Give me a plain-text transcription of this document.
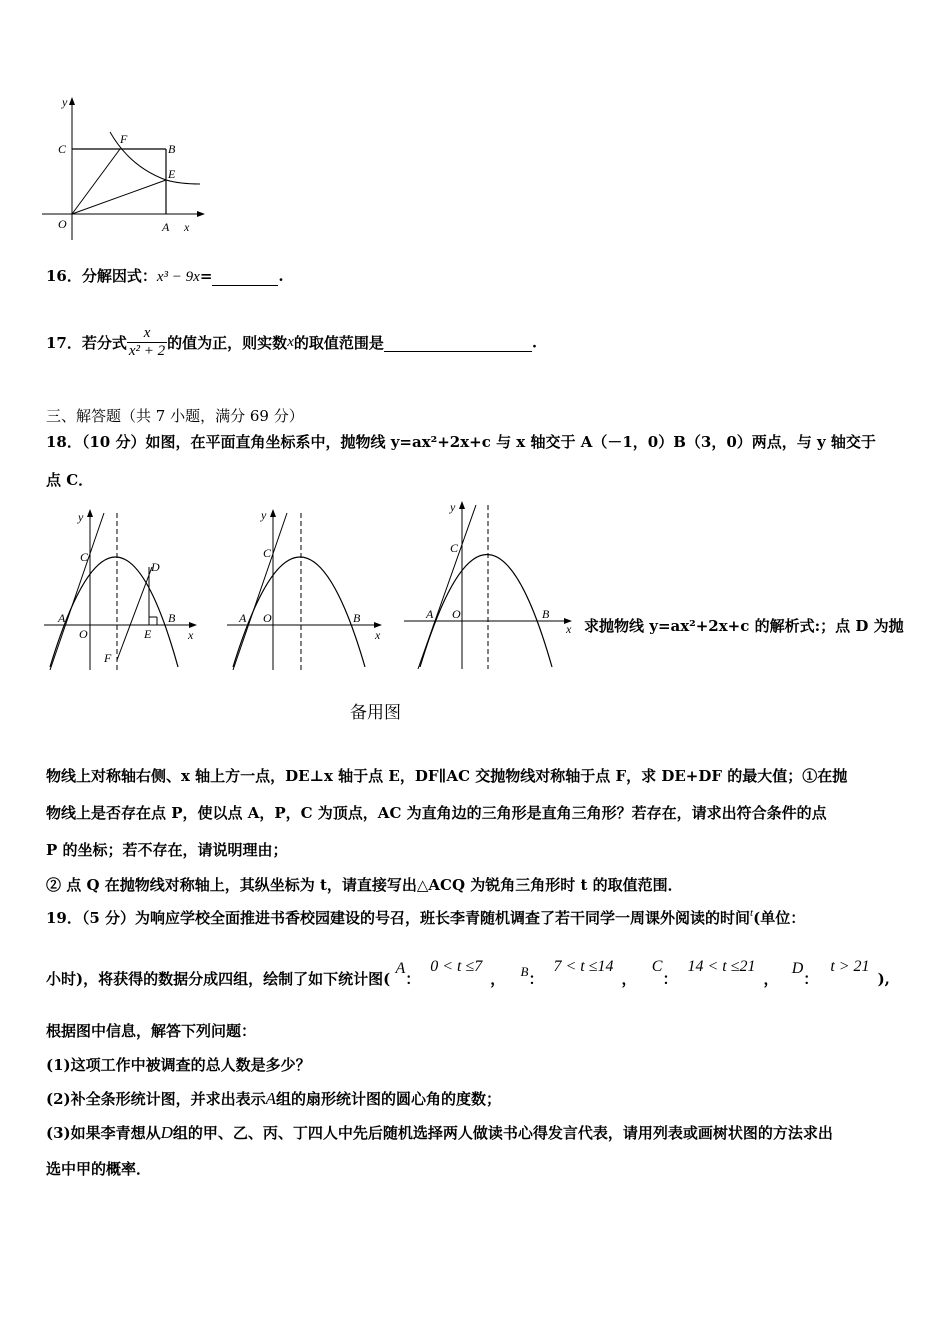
y
C
F
B
E
O	A x
16．分解因式：x³ − 9x=	.
17．若分式 $\frac{x}{\text{x² + 2}}$ 的值为正，则实数x的取值范围是	.
三、解答题（共 7 小题，满分 69 分）
18．（10 分）如图，在平面直角坐标系中，抛物线 y=ax²+2x+c 与 x 轴交于 A（－1，0）B（3，0）两点，与 y 轴交于
点 C．
y
C
D
A	B
O	E	x
F
y
C
A O	B
x
y
C
A O	B
x 求抛物线 y=ax²+2x+c 的解析式:；点 D 为抛
备用图
物线上对称轴右侧、x 轴上方一点，DE⊥x 轴于点 E，DF∥AC 交抛物线对称轴于点 F，求 DE+DF 的最大值；①在抛
物线上是否存在点 P，使以点 A，P，C 为顶点，AC 为直角边的三角形是直角三角形？若存在，请求出符合条件的点
P 的坐标；若不存在，请说明理由；
② 点 Q 在抛物线对称轴上，其纵坐标为 t，请直接写出△ACQ 为锐角三角形时 t 的取值范围．
19．（5 分）为响应学校全面推进书香校园建设的号召，班长李青随机调查了若干同学一周课外阅读的时间$^t$(单位：
小时)，将获得的数据分成四组，绘制了如下统计图( A：0 < t ≤7， B：7 < t ≤14， C：14 < t ≤21， D：t > 21),
根据图中信息，解答下列问题：
(1)这项工作中被调查的总人数是多少？
(2)补全条形统计图，并求出表示A组的扇形统计图的圆心角的度数；
(3)如果李青想从D组的甲、乙、丙、丁四人中先后随机选择两人做读书心得发言代表，请用列表或画树状图的方法求出
选中甲的概率．
